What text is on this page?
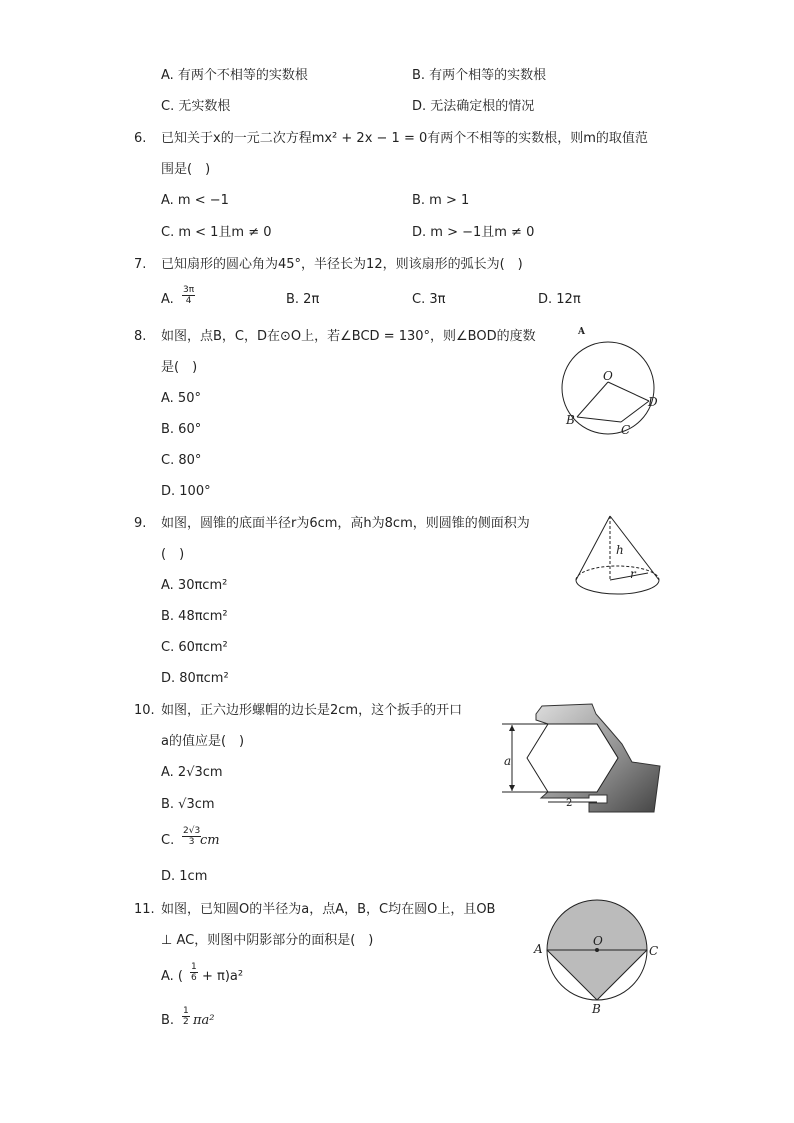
A. 有两个不相等的实数根	B. 有两个相等的实数根
C. 无实数根	D. 无法确定根的情况
6. 已知关于x的一元二次方程mx² + 2x − 1 = 0有两个不相等的实数根，则m的取值范
围是(　)
A. m < −1	B. m > 1
C. m < 1且m ≠ 0	D. m > −1且m ≠ 0
7. 已知扇形的圆心角为45°，半径长为12，则该扇形的弧长为(　)
A. $\frac{3\pi}{4}$	B. 2π	C. 3π	D. 12π
8. 如图，点B，C，D在⊙O上，若∠BCD = 130°，则∠BOD的度数
是(　)
A. 50°
B. 60°
C. 80°
D. 100°
A
O
B
C
D
9. 如图，圆锥的底面半径r为6cm，高h为8cm，则圆锥的侧面积为
(　)
A. 30πcm²
B. 48πcm²
C. 60πcm²
D. 80πcm²
h
r
10. 如图，正六边形螺帽的边长是2cm，这个扳手的开口
a的值应是(　)
A. 2√3cm
B. √3cm
C. $\frac{2√3}{3}$
cm
D. 1cm
a
2
11. 如图，已知圆O的半径为a，点A，B，C均在圆O上，且OB
⊥ AC，则图中阴影部分的面积是(　)
A. ( $\frac{1}{6} + \pi)a^2$
B. $\frac{1}{2} \pi a^2$
A
O
C
B
